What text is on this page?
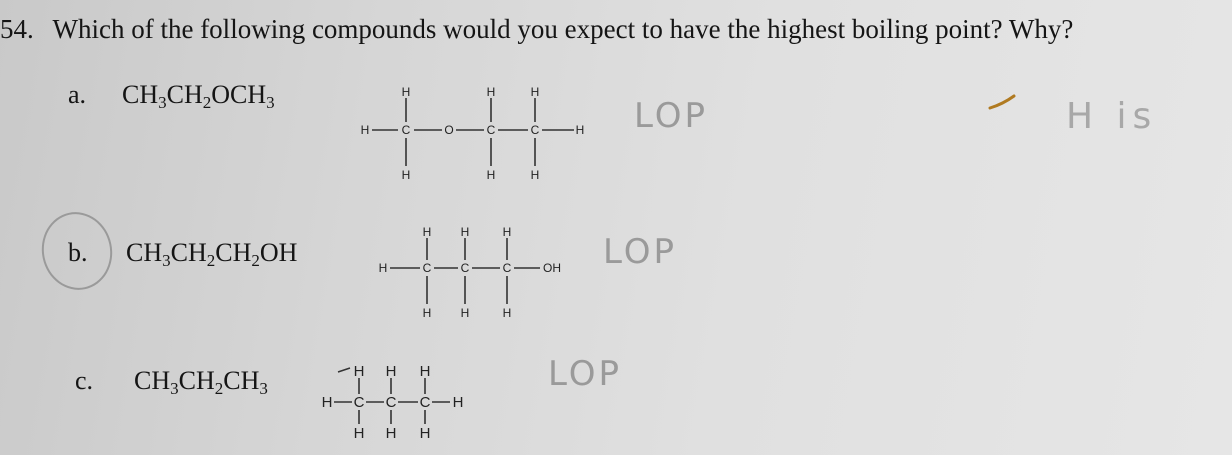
54. Which of the following compounds would you expect to have the highest boiling point? Why?
a. $CH_3CH_2OCH_3$
b. $CH_3CH_2CH_2OH$
c. $CH_3CH_2CH_3$
H	C	O	C	C	H
H	H	H
H	H	H
H	C C	C	OH
H H	H
H H	H
H C C C H
H H H
H H H
LOP
LOP
LOP
H is
